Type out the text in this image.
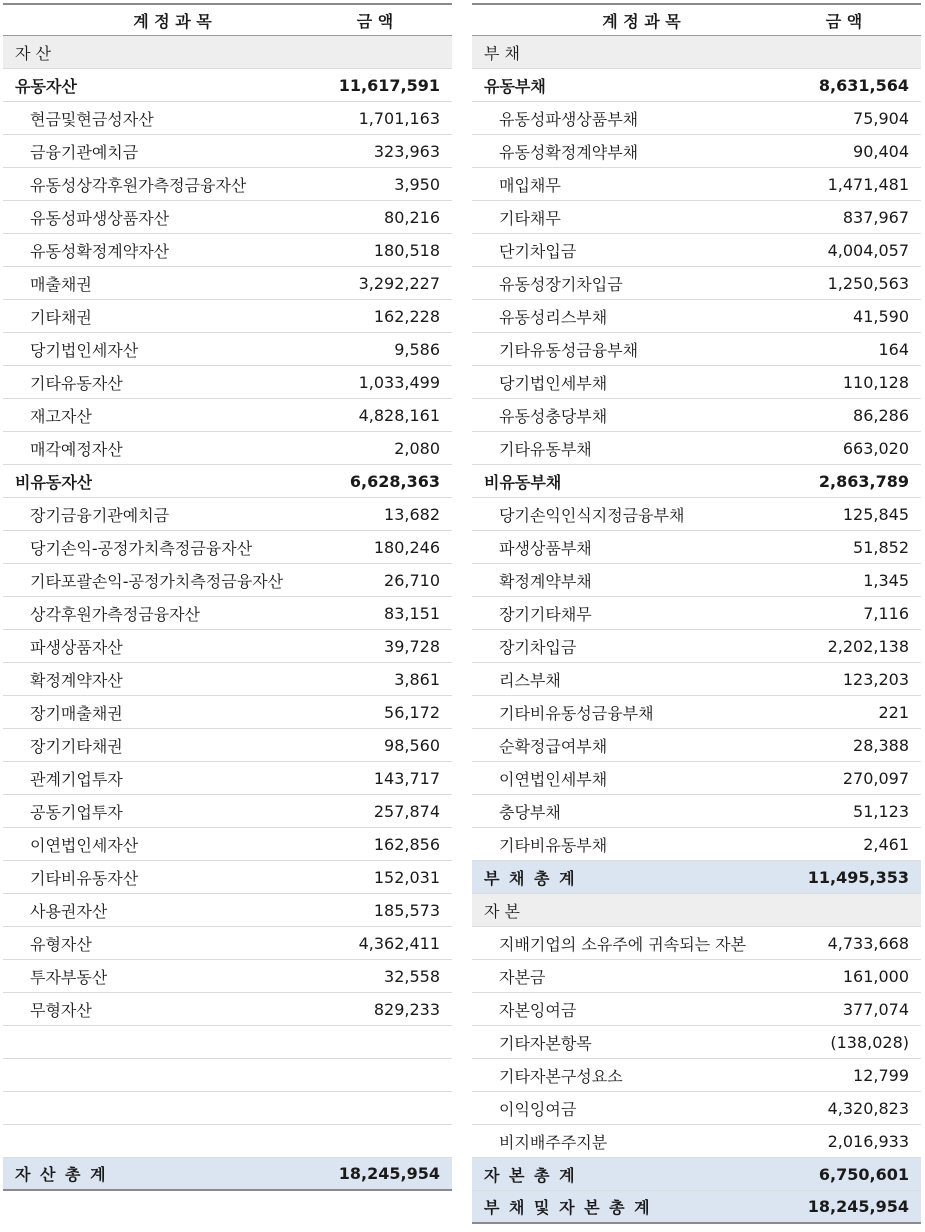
계 정 과 목	금 액
자 산
유동자산	11,617,591
현금및현금성자산	1,701,163
금융기관예치금	323,963
유동성상각후원가측정금융자산	3,950
유동성파생상품자산	80,216
유동성확정계약자산	180,518
매출채권	3,292,227
기타채권	162,228
당기법인세자산	9,586
기타유동자산	1,033,499
재고자산	4,828,161
매각예정자산	2,080
비유동자산	6,628,363
장기금융기관예치금	13,682
당기손익-공정가치측정금융자산	180,246
기타포괄손익-공정가치측정금융자산	26,710
상각후원가측정금융자산	83,151
파생상품자산	39,728
확정계약자산	3,861
장기매출채권	56,172
장기기타채권	98,560
관계기업투자	143,717
공동기업투자	257,874
이연법인세자산	162,856
기타비유동자산	152,031
사용권자산	185,573
유형자산	4,362,411
투자부동산	32,558
무형자산	829,233
자 산 총 계	18,245,954
계 정 과 목	금 액
부 채
유동부채	8,631,564
유동성파생상품부채	75,904
유동성확정계약부채	90,404
매입채무	1,471,481
기타채무	837,967
단기차입금	4,004,057
유동성장기차입금	1,250,563
유동성리스부채	41,590
기타유동성금융부채	164
당기법인세부채	110,128
유동성충당부채	86,286
기타유동부채	663,020
비유동부채	2,863,789
당기손익인식지정금융부채	125,845
파생상품부채	51,852
확정계약부채	1,345
장기기타채무	7,116
장기차입금	2,202,138
리스부채	123,203
기타비유동성금융부채	221
순확정급여부채	28,388
이연법인세부채	270,097
충당부채	51,123
기타비유동부채	2,461
부 채 총 계	11,495,353
자 본
지배기업의 소유주에 귀속되는 자본	4,733,668
자본금	161,000
자본잉여금	377,074
기타자본항목	(138,028)
기타자본구성요소	12,799
이익잉여금	4,320,823
비지배주주지분	2,016,933
자 본 총 계	6,750,601
부 채 및 자 본 총 계	18,245,954
